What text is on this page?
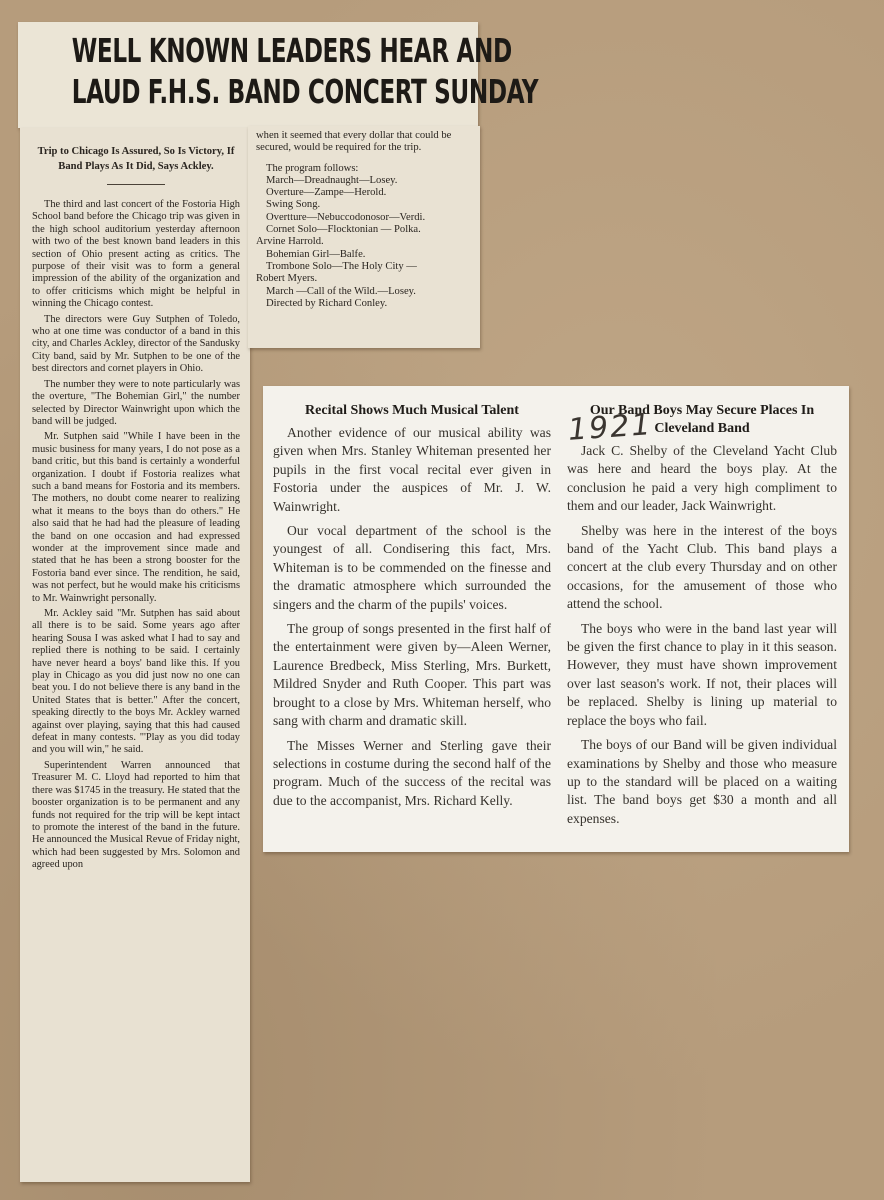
WELL KNOWN LEADERS HEAR AND
LAUD F.H.S. BAND CONCERT SUNDAY
Trip to Chicago Is Assured, So Is Victory, If Band Plays As It Did, Says Ackley.

The third and last concert of the Fostoria High School band before the Chicago trip was given in the high school auditorium yesterday afternoon with two of the best known band leaders in this section of Ohio present acting as critics. The purpose of their visit was to form a general impression of the ability of the organization and to offer criticisms which might be helpful in winning the Chicago contest.

The directors were Guy Sutphen of Toledo, who at one time was conductor of a band in this city, and Charles Ackley, director of the Sandusky City band, said by Mr. Sutphen to be one of the best directors and cornet players in Ohio.

The number they were to note particularly was the overture, "The Bohemian Girl," the number selected by Director Wainwright upon which the band will be judged.

Mr. Sutphen said "While I have been in the music business for many years, I do not pose as a band critic, but this band is certainly a wonderful organization. I doubt if Fostoria realizes what such a band means for Fostoria and its members. The mothers, no doubt come nearer to realizing what it means to the boys than do others." He also said that he had had the pleasure of leading the band on one occasion and had expressed wonder at the improvement since made and stated that he has been a strong booster for the Fostoria band ever since. The rendition, he said, was not perfect, but he would make his criticisms to Mr. Wainwright personally.

Mr. Ackley said "Mr. Sutphen has said about all there is to be said. Some years ago after hearing Sousa I was asked what I had to say and replied there is nothing to be said. I certainly have never heard a boys' band like this. If you play in Chicago as you did just now no one can beat you. I do not believe there is any band in the United States that is better." After the concert, speaking directly to the boys Mr. Ackley warned against over playing, saying that this had caused defeat in many contests. "'Play as you did today and you will win," he said.

Superintendent Warren announced that Treasurer M. C. Lloyd had reported to him that there was $1745 in the treasury. He stated that the booster organization is to be permanent and any funds not required for the trip will be kept intact to promote the interest of the band in the future. He announced the Musical Revue of Friday night, which had been suggested by Mrs. Solomon and agreed upon

when it seemed that every dollar that could be secured, would be required for the trip.

The program follows:

March—Dreadnaught—Losey.

Overture—Zampe—Herold.

Swing Song.

Overtture—Nebuccodonosor—Verdi.

Cornet Solo—Flocktonian — Polka.

Arvine Harrold.

Bohemian Girl—Balfe.

Trombone Solo—The Holy City —

Robert Myers.

March —Call of the Wild.—Losey.

Directed by Richard Conley.

Recital Shows Much Musical Talent

Another evidence of our musical ability was given when Mrs. Stanley Whiteman presented her pupils in the first vocal recital ever given in Fostoria under the auspices of Mr. J. W. Wainwright.

Our vocal department of the school is the youngest of all. Condisering this fact, Mrs. Whiteman is to be commended on the finesse and the dramatic atmosphere which surrounded the singers and the charm of the pupils' voices.

The group of songs presented in the first half of the entertainment were given by—Aleen Werner, Laurence Bredbeck, Miss Sterling, Mrs. Burkett, Mildred Snyder and Ruth Cooper. This part was brought to a close by Mrs. Whiteman herself, who sang with charm and dramatic skill.

The Misses Werner and Sterling gave their selections in costume during the second half of the program. Much of the success of the recital was due to the accompanist, Mrs. Richard Kelly.

Our Band Boys May Secure Places In Cleveland Band

Jack C. Shelby of the Cleveland Yacht Club was here and heard the boys play. At the conclusion he paid a very high compliment to them and our leader, Jack Wainwright.

Shelby was here in the interest of the boys band of the Yacht Club. This band plays a concert at the club every Thursday and on other occasions, for the amusement of those who attend the school.

The boys who were in the band last year will be given the first chance to play in it this season. However, they must have shown improvement over last season's work. If not, their places will be replaced. Shelby is lining up material to replace the boys who fail.

The boys of our Band will be given individual examinations by Shelby and those who measure up to the standard will be placed on a waiting list. The band boys get $30 a month and all expenses.

1921
